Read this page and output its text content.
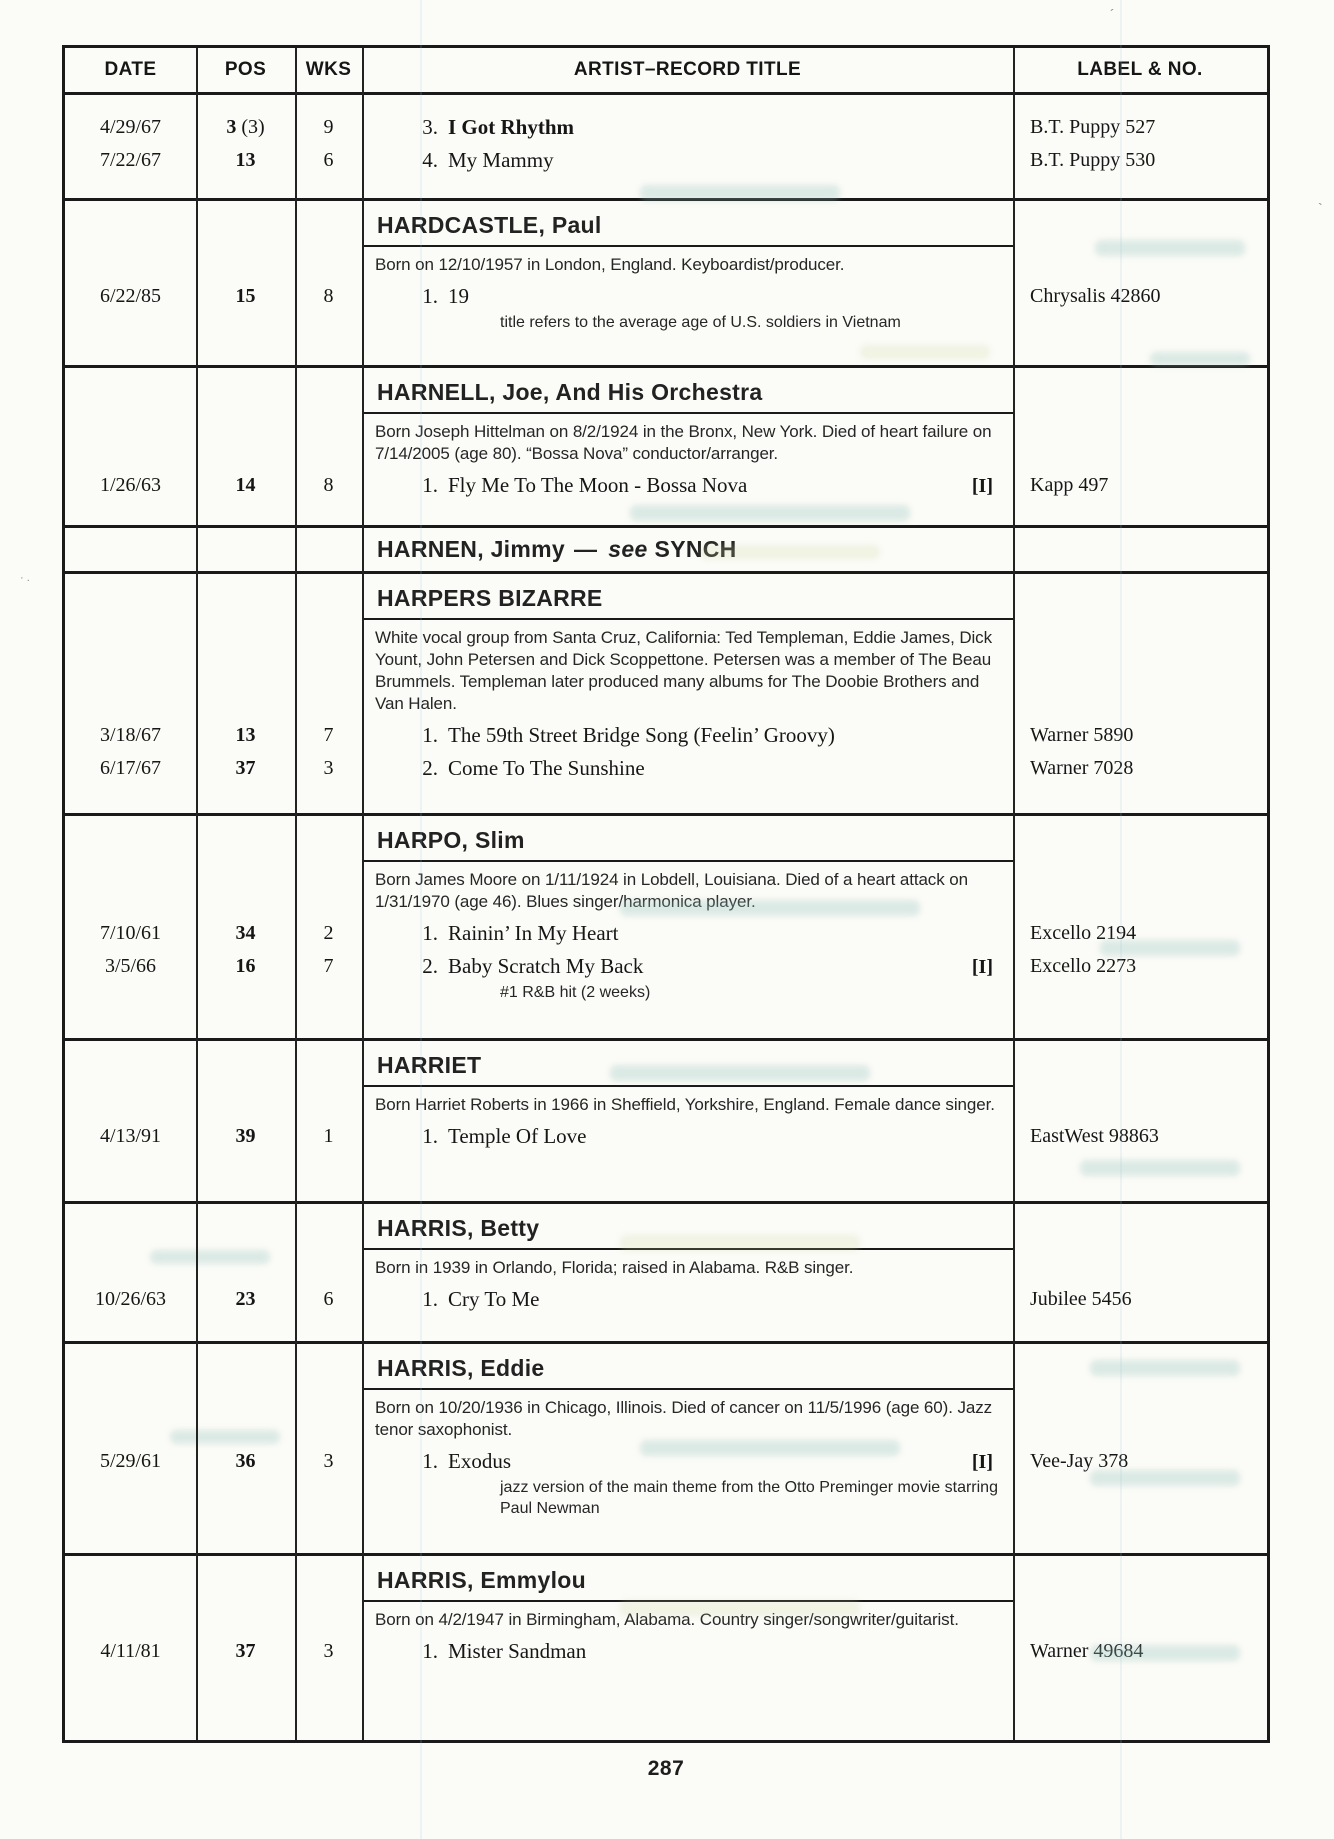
DATE	POS	WKS	ARTIST–RECORD TITLE	LABEL & NO.
4/29/67	3 (3)	9	3. I Got Rhythm	B.T. Puppy 527
7/22/67	13	6	4. My Mammy	B.T. Puppy 530
HARDCASTLE, Paul
Born on 12/10/1957 in London, England. Keyboardist/producer.
6/22/85	15	8	1. 19	Chrysalis 42860
title refers to the average age of U.S. soldiers in Vietnam
HARNELL, Joe, And His Orchestra
Born Joseph Hittelman on 8/2/1924 in the Bronx, New York. Died of heart failure on 7/14/2005 (age 80). “Bossa Nova” conductor/arranger.
1/26/63	14	8	1. Fly Me To The Moon - Bossa Nova	[I]	Kapp 497
HARNEN, Jimmy — see SYNCH
HARPERS BIZARRE
White vocal group from Santa Cruz, California: Ted Templeman, Eddie James, Dick Yount, John Petersen and Dick Scoppettone. Petersen was a member of The Beau Brummels. Templeman later produced many albums for The Doobie Brothers and Van Halen.
3/18/67	13	7	1. The 59th Street Bridge Song (Feelin’ Groovy)	Warner 5890
6/17/67	37	3	2. Come To The Sunshine	Warner 7028
HARPO, Slim
Born James Moore on 1/11/1924 in Lobdell, Louisiana. Died of a heart attack on 1/31/1970 (age 46). Blues singer/harmonica player.
7/10/61	34	2	1. Rainin’ In My Heart	Excello 2194
3/5/66	16	7	2. Baby Scratch My Back	[I]	Excello 2273
#1 R&B hit (2 weeks)
HARRIET
Born Harriet Roberts in 1966 in Sheffield, Yorkshire, England. Female dance singer.
4/13/91	39	1	1. Temple Of Love	EastWest 98863
HARRIS, Betty
Born in 1939 in Orlando, Florida; raised in Alabama. R&B singer.
10/26/63	23	6	1. Cry To Me	Jubilee 5456
HARRIS, Eddie
Born on 10/20/1936 in Chicago, Illinois. Died of cancer on 11/5/1996 (age 60). Jazz tenor saxophonist.
5/29/61	36	3	1. Exodus	[I]	Vee-Jay 378
jazz version of the main theme from the Otto Preminger movie starring Paul Newman
HARRIS, Emmylou
Born on 4/2/1947 in Birmingham, Alabama. Country singer/songwriter/guitarist.
4/11/81	37	3	1. Mister Sandman	Warner 49684
287
´
· .
`
